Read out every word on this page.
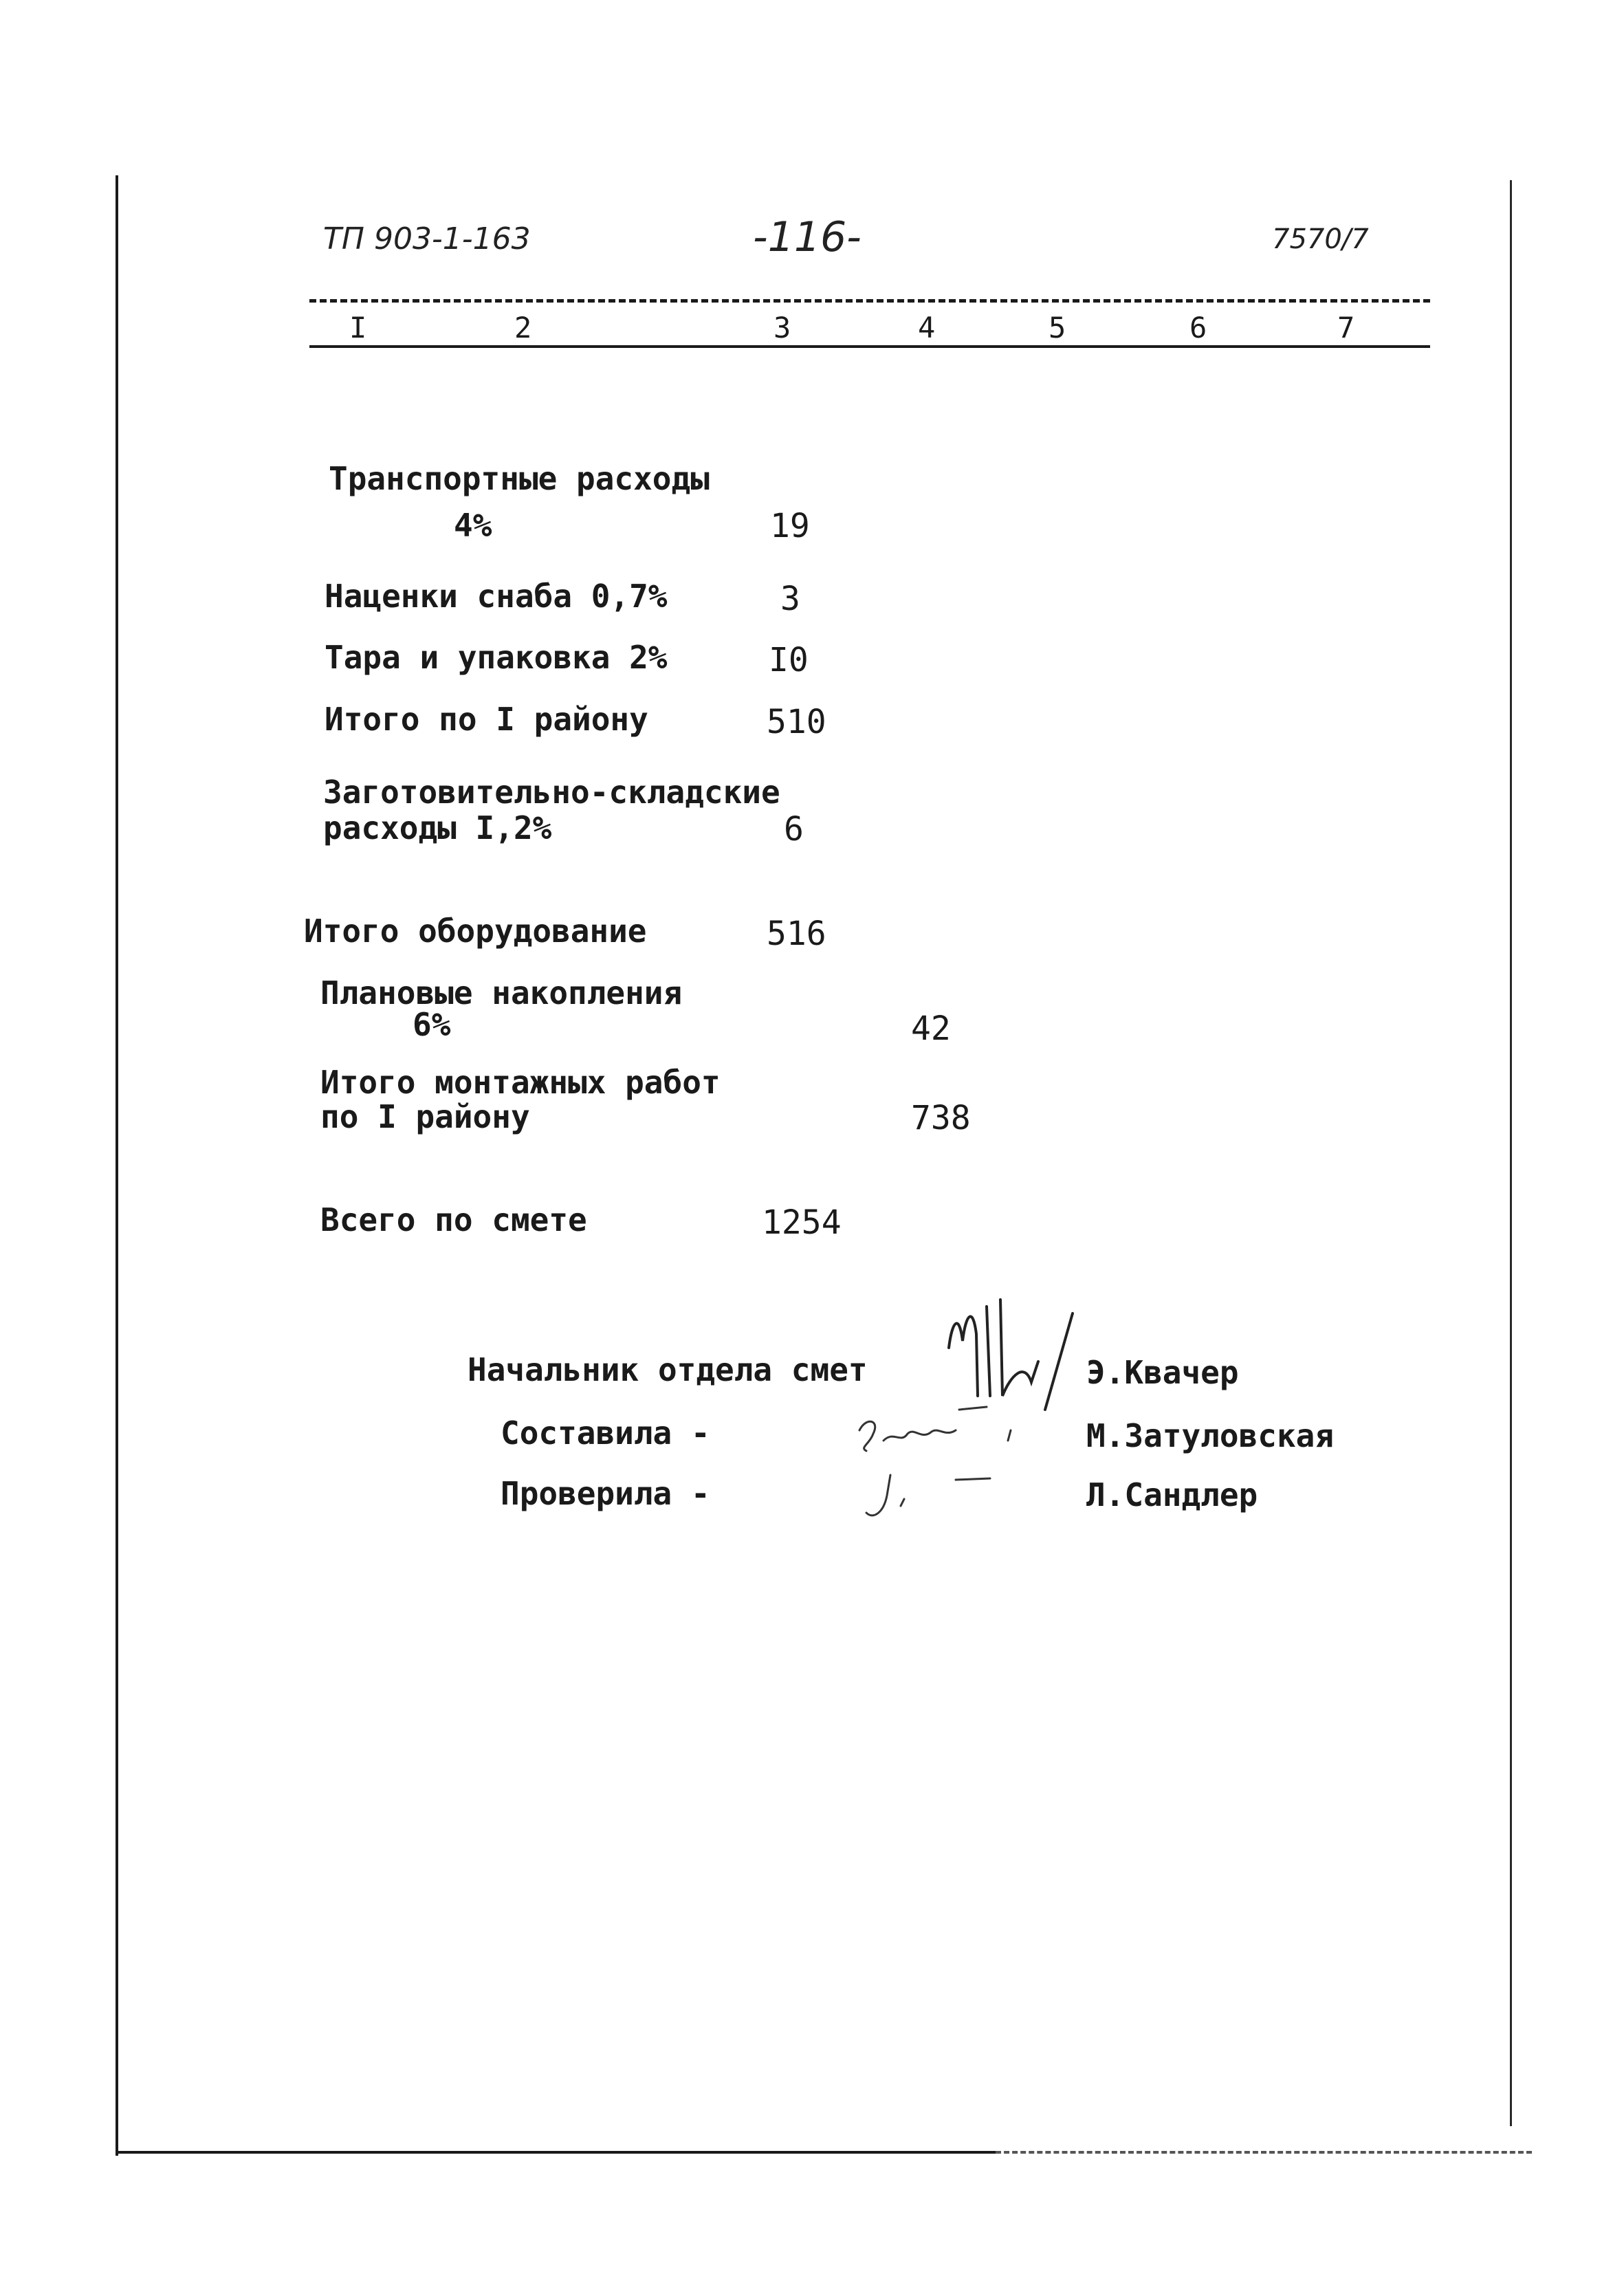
ТП 903-1-163	-116-	7570/7
I	2	3	4	5	6	7
Транспортные расходы
4%	19
Наценки снаба 0,7%	3
Тара и упаковка 2%	I0
Итого по I району	510
Заготовительно-складские
расходы I,2%	6
Итого оборудование	516
Плановые накопления
6%	42
Итого монтажных работ
по I району	738
Всего по смете	1254
Начальник отдела смет	Э.Квачер
Составила -	М.Затуловская
Проверила -	Л.Сандлер
